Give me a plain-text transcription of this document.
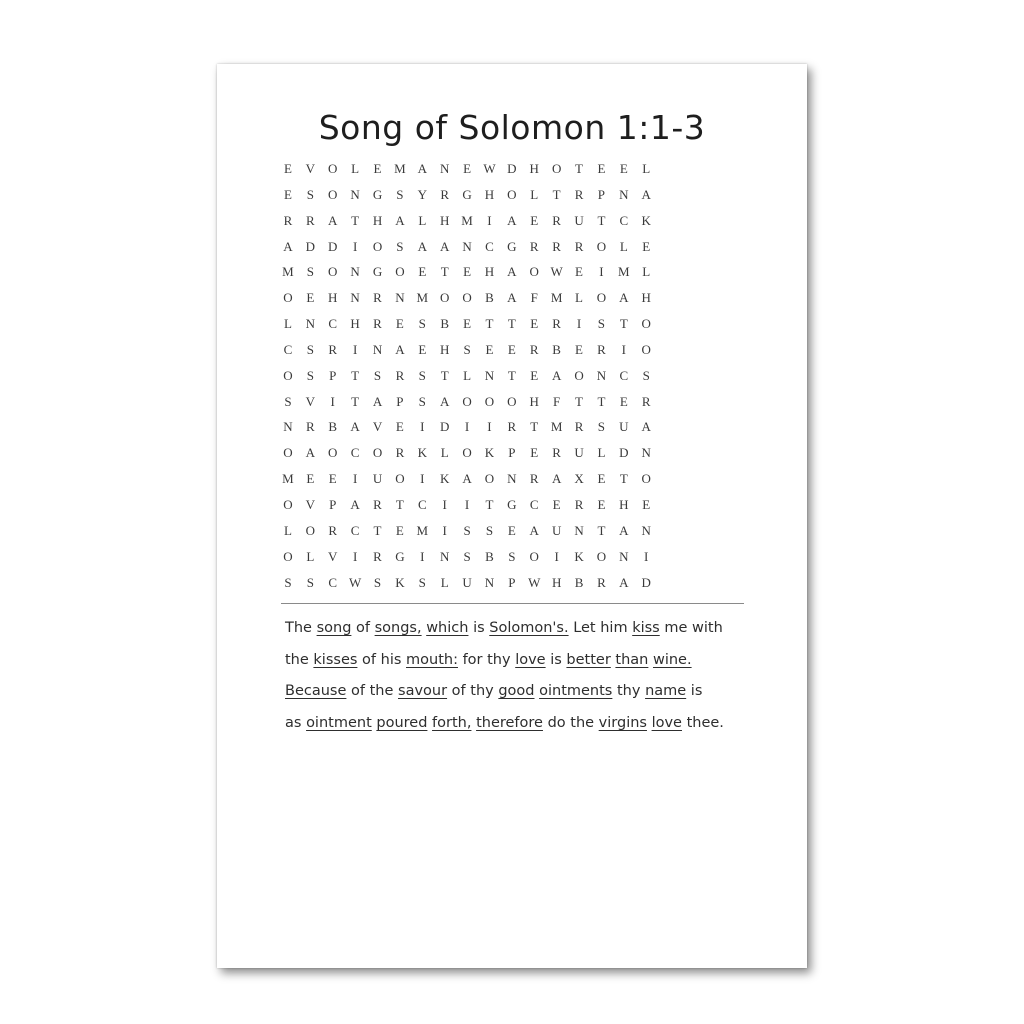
Song of Solomon 1:1-3
E	V O	L	E M A N	E W D H O	T	E	E	L
E	S	O N G	S	Y R G H O	L	T	R	P	N A
R	R A	T	H A	L	H M	I	A	E	R U	T	C K
A D D	I	O	S	A A N C G R	R	R O	L	E
M S	O N G O	E	T	E	H A O W E	I	M L
O	E	H N R N M O O B A	F M L	O A H
L	N C H R	E	S	B	E	T	T	E	R	I	S	T	O
C	S	R	I	N A	E	H	S	E	E	R	B	E	R	I	O
O	S	P	T	S	R	S	T	L	N	T	E	A O N C	S
S	V	I	T	A	P	S	A O O O H	F	T	T	E	R
N R	B A V	E	I	D	I	I	R	T M R	S	U A
O A O C O R K	L	O K	P	E	R U	L	D N
M E	E	I	U O	I	K A O N R A X	E	T	O
O V	P	A R	T	C	I	I	T	G C	E	R	E	H	E
L	O R	C	T	E M	I	S	S	E	A U N	T	A N
O	L	V	I	R G	I	N	S	B	S	O	I	K O N	I
S	S	C W S	K	S	L	U N	P W H B	R A D
The song of songs, which is Solomon's. Let him kiss me with
the kisses of his mouth: for thy love is better than wine.
Because of the savour of thy good ointments thy name is
as ointment poured forth, therefore do the virgins love thee.
